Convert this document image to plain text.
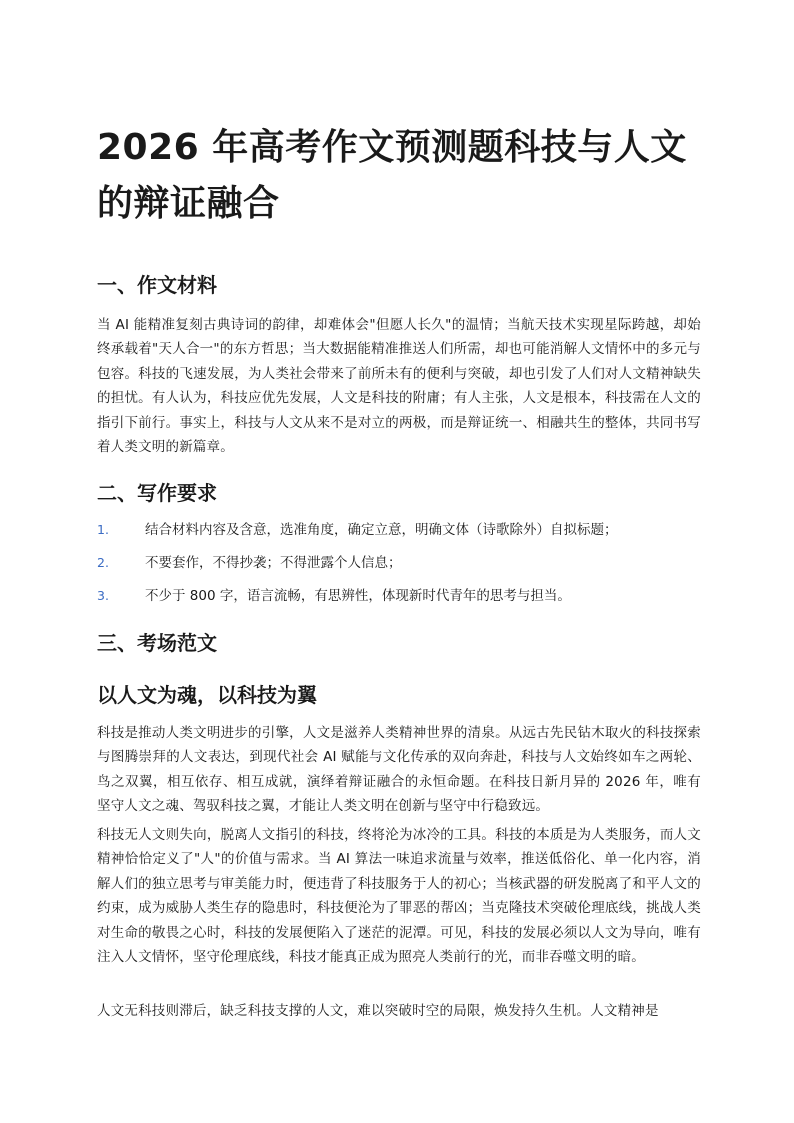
2026 年高考作文预测题科技与人文的辩证融合
一、作文材料

当 AI 能精准复刻古典诗词的韵律，却难体会"但愿人长久"的温情；当航天技术实现星际跨越，却始终承载着"天人合一"的东方哲思；当大数据能精准推送人们所需，却也可能消解人文情怀中的多元与包容。科技的飞速发展，为人类社会带来了前所未有的便利与突破，却也引发了人们对人文精神缺失的担忧。有人认为，科技应优先发展，人文是科技的附庸；有人主张，人文是根本，科技需在人文的指引下前行。事实上，科技与人文从来不是对立的两极，而是辩证统一、相融共生的整体，共同书写着人类文明的新篇章。

二、写作要求
1.	结合材料内容及含意，选准角度，确定立意，明确文体（诗歌除外）自拟标题；
2.	不要套作，不得抄袭；不得泄露个人信息；
3.	不少于 800 字，语言流畅，有思辨性，体现新时代青年的思考与担当。
三、考场范文
以人文为魂，以科技为翼

科技是推动人类文明进步的引擎，人文是滋养人类精神世界的清泉。从远古先民钻木取火的科技探索与图腾崇拜的人文表达，到现代社会 AI 赋能与文化传承的双向奔赴，科技与人文始终如车之两轮、鸟之双翼，相互依存、相互成就，演绎着辩证融合的永恒命题。在科技日新月异的 2026 年，唯有坚守人文之魂、驾驭科技之翼，才能让人类文明在创新与坚守中行稳致远。

科技无人文则失向，脱离人文指引的科技，终将沦为冰冷的工具。科技的本质是为人类服务，而人文精神恰恰定义了"人"的价值与需求。当 AI 算法一味追求流量与效率，推送低俗化、单一化内容，消解人们的独立思考与审美能力时，便违背了科技服务于人的初心；当核武器的研发脱离了和平人文的约束，成为威胁人类生存的隐患时，科技便沦为了罪恶的帮凶；当克隆技术突破伦理底线，挑战人类对生命的敬畏之心时，科技的发展便陷入了迷茫的泥潭。可见，科技的发展必须以人文为导向，唯有注入人文情怀，坚守伦理底线，科技才能真正成为照亮人类前行的光，而非吞噬文明的暗。

人文无科技则滞后，缺乏科技支撑的人文，难以突破时空的局限，焕发持久生机。人文精神是
